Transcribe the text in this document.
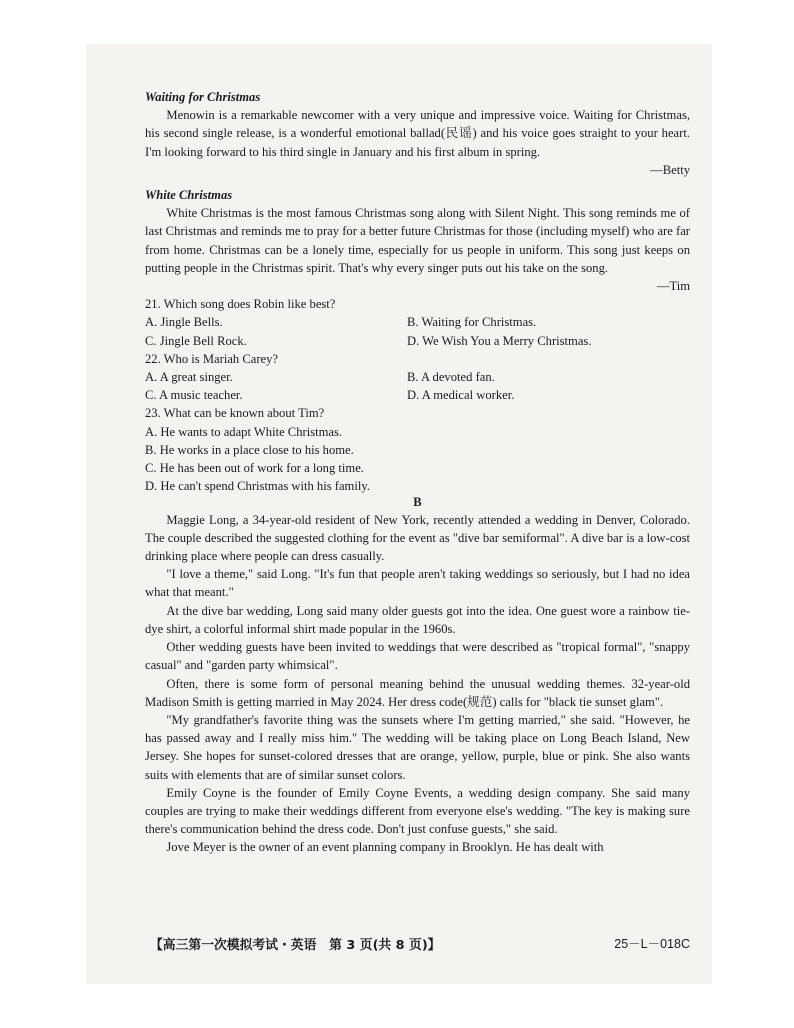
Waiting for Christmas

Menowin is a remarkable newcomer with a very unique and impressive voice. Waiting for Christmas, his second single release, is a wonderful emotional ballad(民谣) and his voice goes straight to your heart. I'm looking forward to his third single in January and his first album in spring.

—Betty

White Christmas

White Christmas is the most famous Christmas song along with Silent Night. This song reminds me of last Christmas and reminds me to pray for a better future Christmas for those (including myself) who are far from home. Christmas can be a lonely time, especially for us people in uniform. This song just keeps on putting people in the Christmas spirit. That's why every singer puts out his take on the song.

—Tim

21. Which song does Robin like best?

A. Jingle Bells.	B. Waiting for Christmas.
C. Jingle Bell Rock.	D. We Wish You a Merry Christmas.

22. Who is Mariah Carey?

A. A great singer.	B. A devoted fan.
C. A music teacher.	D. A medical worker.

23. What can be known about Tim?

A. He wants to adapt White Christmas.
B. He works in a place close to his home.
C. He has been out of work for a long time.
D. He can't spend Christmas with his family.

B

Maggie Long, a 34-year-old resident of New York, recently attended a wedding in Denver, Colorado. The couple described the suggested clothing for the event as "dive bar semiformal". A dive bar is a low-cost drinking place where people can dress casually.

"I love a theme," said Long. "It's fun that people aren't taking weddings so seriously, but I had no idea what that meant."

At the dive bar wedding, Long said many older guests got into the idea. One guest wore a rainbow tie-dye shirt, a colorful informal shirt made popular in the 1960s.

Other wedding guests have been invited to weddings that were described as "tropical formal", "snappy casual" and "garden party whimsical".

Often, there is some form of personal meaning behind the unusual wedding themes. 32-year-old Madison Smith is getting married in May 2024. Her dress code(规范) calls for "black tie sunset glam".

"My grandfather's favorite thing was the sunsets where I'm getting married," she said. "However, he has passed away and I really miss him." The wedding will be taking place on Long Beach Island, New Jersey. She hopes for sunset-colored dresses that are orange, yellow, purple, blue or pink. She also wants suits with elements that are of similar sunset colors.

Emily Coyne is the founder of Emily Coyne Events, a wedding design company. She said many couples are trying to make their weddings different from everyone else's wedding. "The key is making sure there's communication behind the dress code. Don't just confuse guests," she said.

Jove Meyer is the owner of an event planning company in Brooklyn. He has dealt with

【高三第一次模拟考试・英语　第 3 页(共 8 页)】	25－L－018C
